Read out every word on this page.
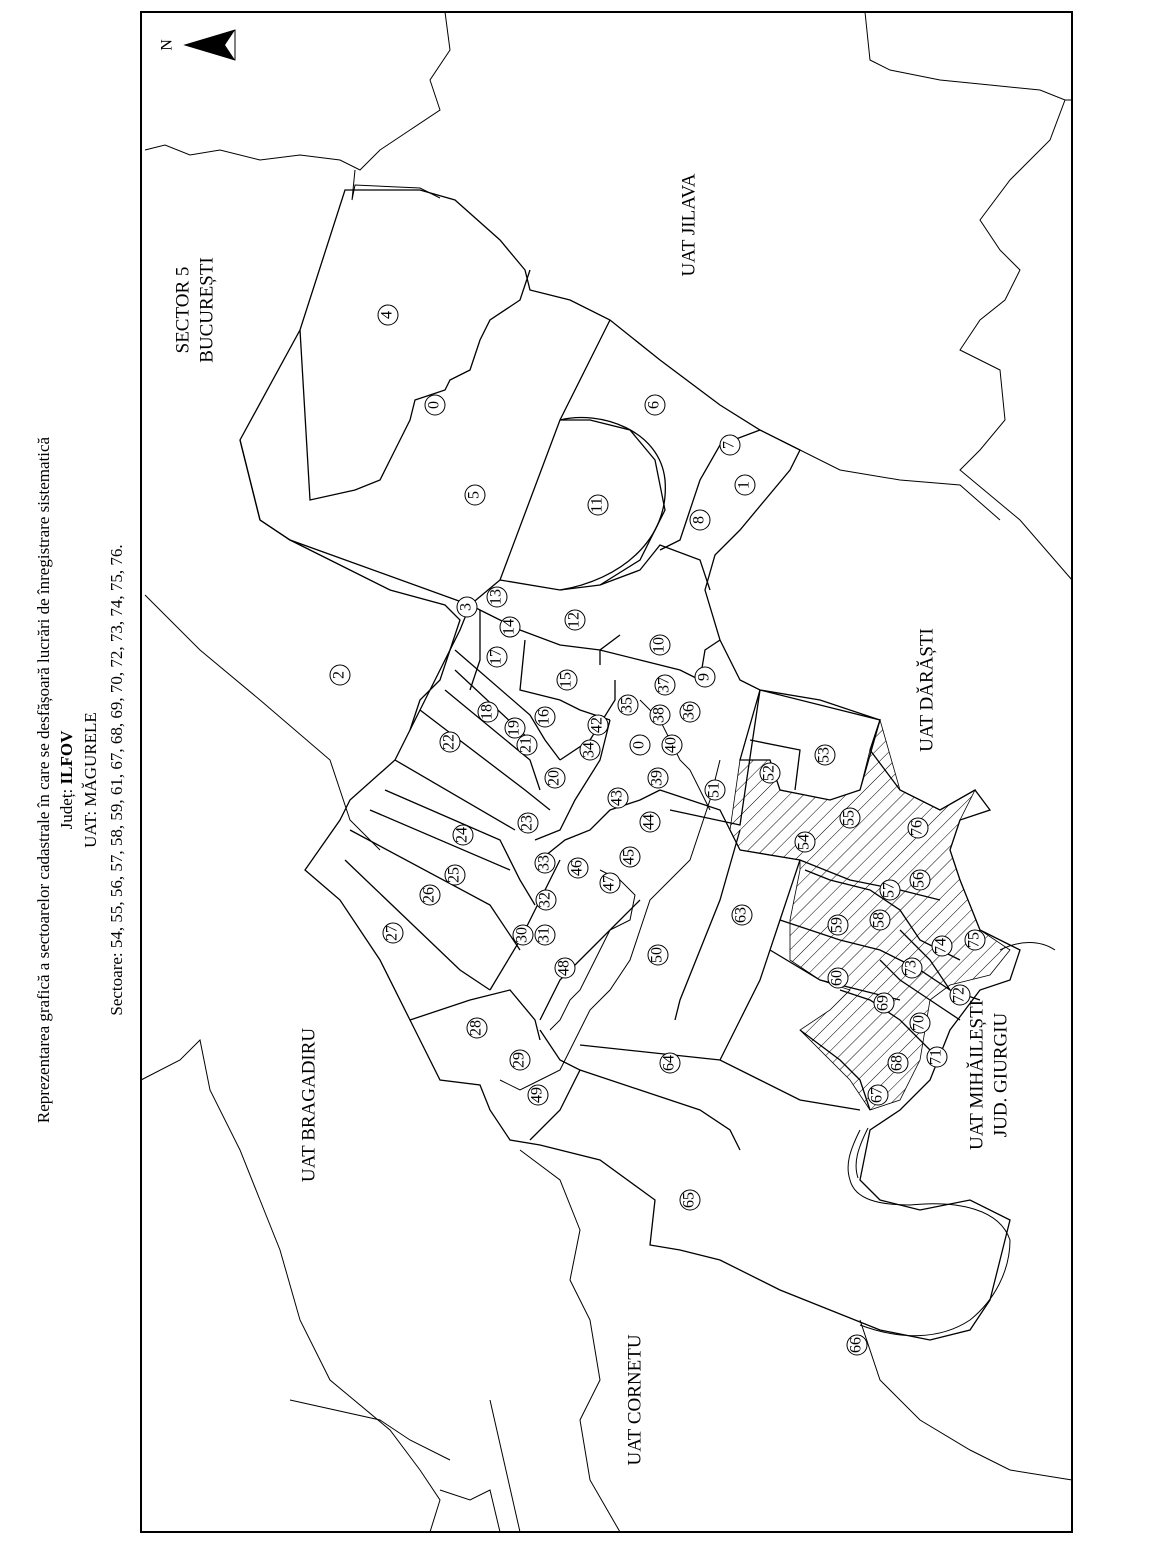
N
Reprezentarea grafică a sectoarelor cadastrale în care se desfășoară lucrări de înregistrare sistematică Județ: ILFOV UAT: MĂGURELE Sectoare: 54, 55, 56, 57, 58, 59, 61, 67, 68, 69, 70, 72, 73, 74, 75, 76.
SECTOR 5 BUCUREȘTI
UAT JILAVA
UAT DĂRĂȘTI
UAT MIHĂILEȘTI JUD. GIURGIU
UAT BRAGADIRU
UAT CORNETU
0
0
1
2
3
4
5
6
7
8
9
10
11
12
13
14
15
16
17
18
19
20
21
22
23
24
25
26
27
28
29
30 31
32
33
34
35	36
37
38
39
40
42
43
44
45
46
47
48
49
50
51
52
53
54
55
56
57
58
59
60
63
64
65
66
67
68
69
70
71
72
73
74 75
76
